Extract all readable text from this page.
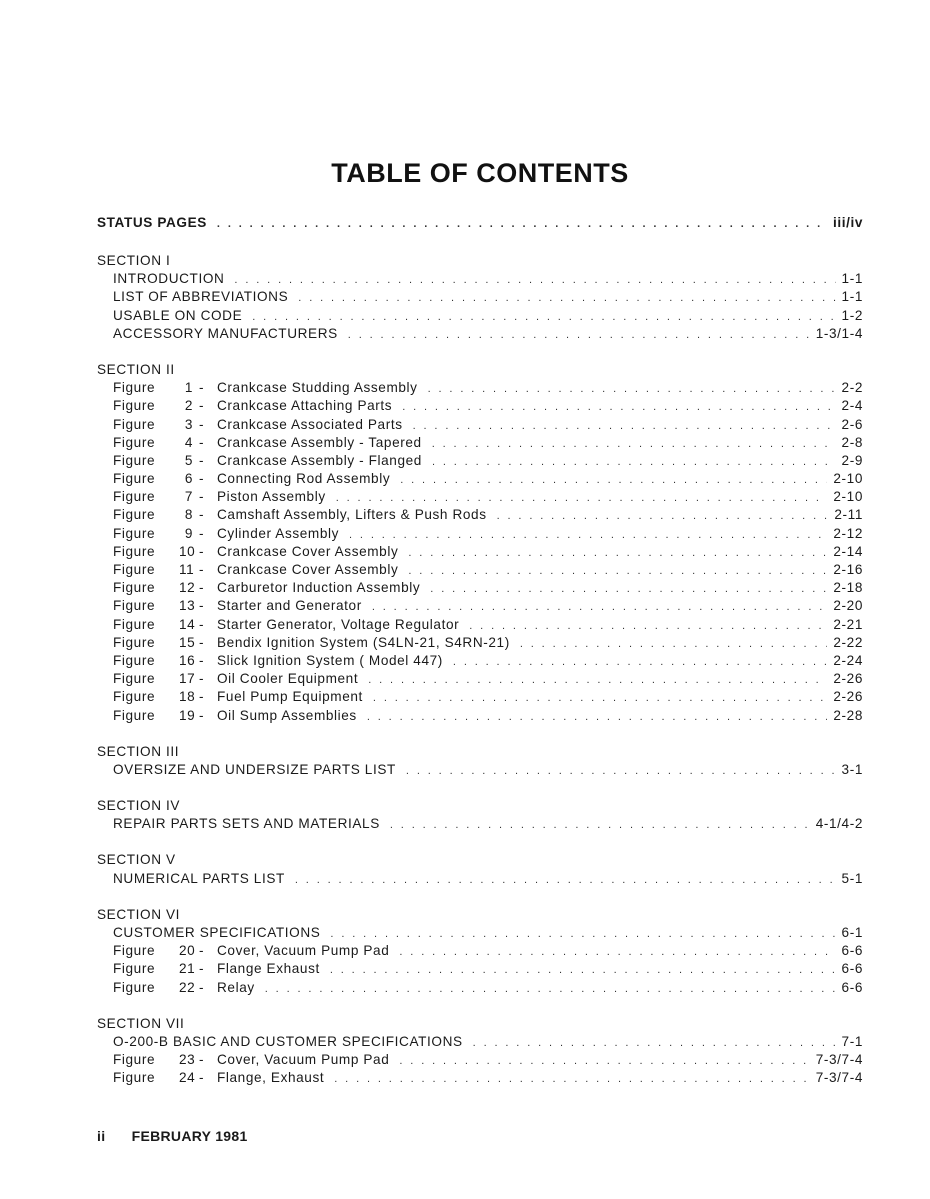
TABLE OF CONTENTS
STATUS PAGES . . .	iii/iv
SECTION I
INTRODUCTION . . .	1-1
LIST OF ABBREVIATIONS . . .	1-1
USABLE ON CODE . . .	1-2
ACCESSORY MANUFACTURERS . . .	1-3/1-4
SECTION II
Figure	1 - Crankcase Studding Assembly . . .	2-2
Figure	2 - Crankcase Attaching Parts . . .	2-4
Figure	3 - Crankcase Associated Parts . . .	2-6
Figure	4 - Crankcase Assembly - Tapered . . .	2-8
Figure	5 - Crankcase Assembly - Flanged . . .	2-9
Figure	6 - Connecting Rod Assembly . . .	2-10
Figure	7 - Piston Assembly . . .	2-10
Figure	8 - Camshaft Assembly, Lifters & Push Rods . . .	2-11
Figure	9 - Cylinder Assembly . . .	2-12
Figure	10 - Crankcase Cover Assembly . . .	2-14
Figure	11 - Crankcase Cover Assembly . . .	2-16
Figure	12 - Carburetor Induction Assembly . . .	2-18
Figure	13 - Starter and Generator . . .	2-20
Figure	14 - Starter Generator, Voltage Regulator . . .	2-21
Figure	15 - Bendix Ignition System (S4LN-21, S4RN-21) . . .	2-22
Figure	16 - Slick Ignition System ( Model 447) . . .	2-24
Figure	17 - Oil Cooler Equipment . . .	2-26
Figure	18 - Fuel Pump Equipment . . .	2-26
Figure	19 - Oil Sump Assemblies . . .	2-28
SECTION III
OVERSIZE AND UNDERSIZE PARTS LIST . . .	3-1
SECTION IV
REPAIR PARTS SETS AND MATERIALS . . .	4-1/4-2
SECTION V
NUMERICAL PARTS LIST . . .	5-1
SECTION VI
CUSTOMER SPECIFICATIONS . . .	6-1
Figure	20 - Cover, Vacuum Pump Pad . . .	6-6
Figure	21 - Flange Exhaust . . .	6-6
Figure	22 - Relay . . .	6-6
SECTION VII
O-200-B BASIC AND CUSTOMER SPECIFICATIONS . . .	7-1
Figure	23 - Cover, Vacuum Pump Pad . . .	7-3/7-4
Figure	24 - Flange, Exhaust . . .	7-3/7-4
ii FEBRUARY 1981
